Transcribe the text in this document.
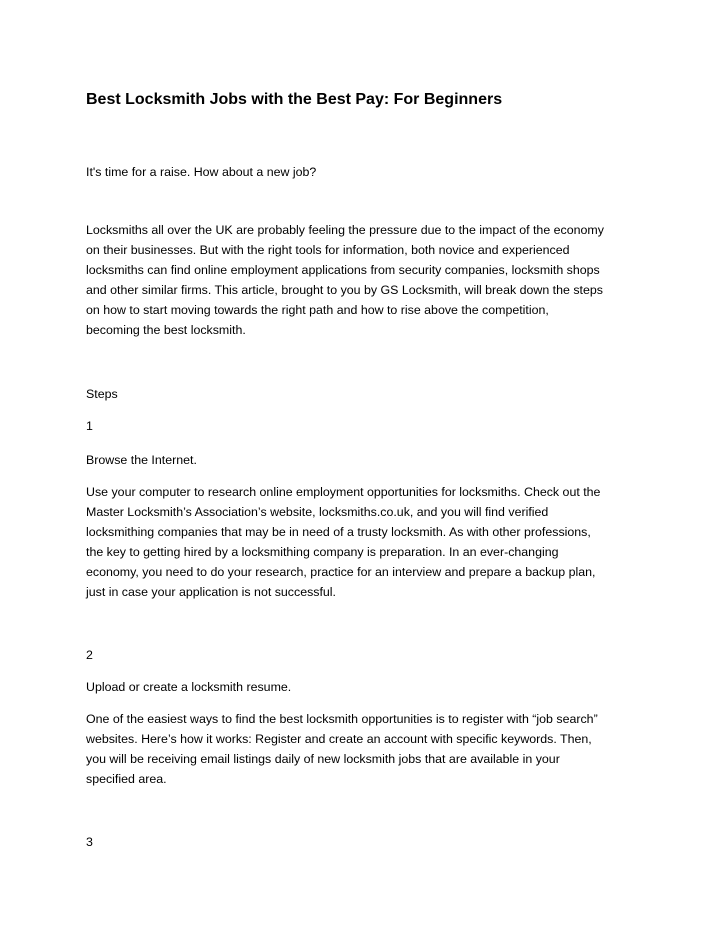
Best Locksmith Jobs with the Best Pay: For Beginners

It's time for a raise. How about a new job?

Locksmiths all over the UK are probably feeling the pressure due to the impact of the economy
on their businesses. But with the right tools for information, both novice and experienced
locksmiths can find online employment applications from security companies, locksmith shops
and other similar firms. This article, brought to you by GS Locksmith, will break down the steps
on how to start moving towards the right path and how to rise above the competition,
becoming the best locksmith.

Steps

1

Browse the Internet.

Use your computer to research online employment opportunities for locksmiths. Check out the
Master Locksmith’s Association’s website, locksmiths.co.uk, and you will find verified
locksmithing companies that may be in need of a trusty locksmith. As with other professions,
the key to getting hired by a locksmithing company is preparation. In an ever-changing
economy, you need to do your research, practice for an interview and prepare a backup plan,
just in case your application is not successful.

2

Upload or create a locksmith resume.

One of the easiest ways to find the best locksmith opportunities is to register with “job search”
websites. Here’s how it works: Register and create an account with specific keywords. Then,
you will be receiving email listings daily of new locksmith jobs that are available in your
specified area.

3
